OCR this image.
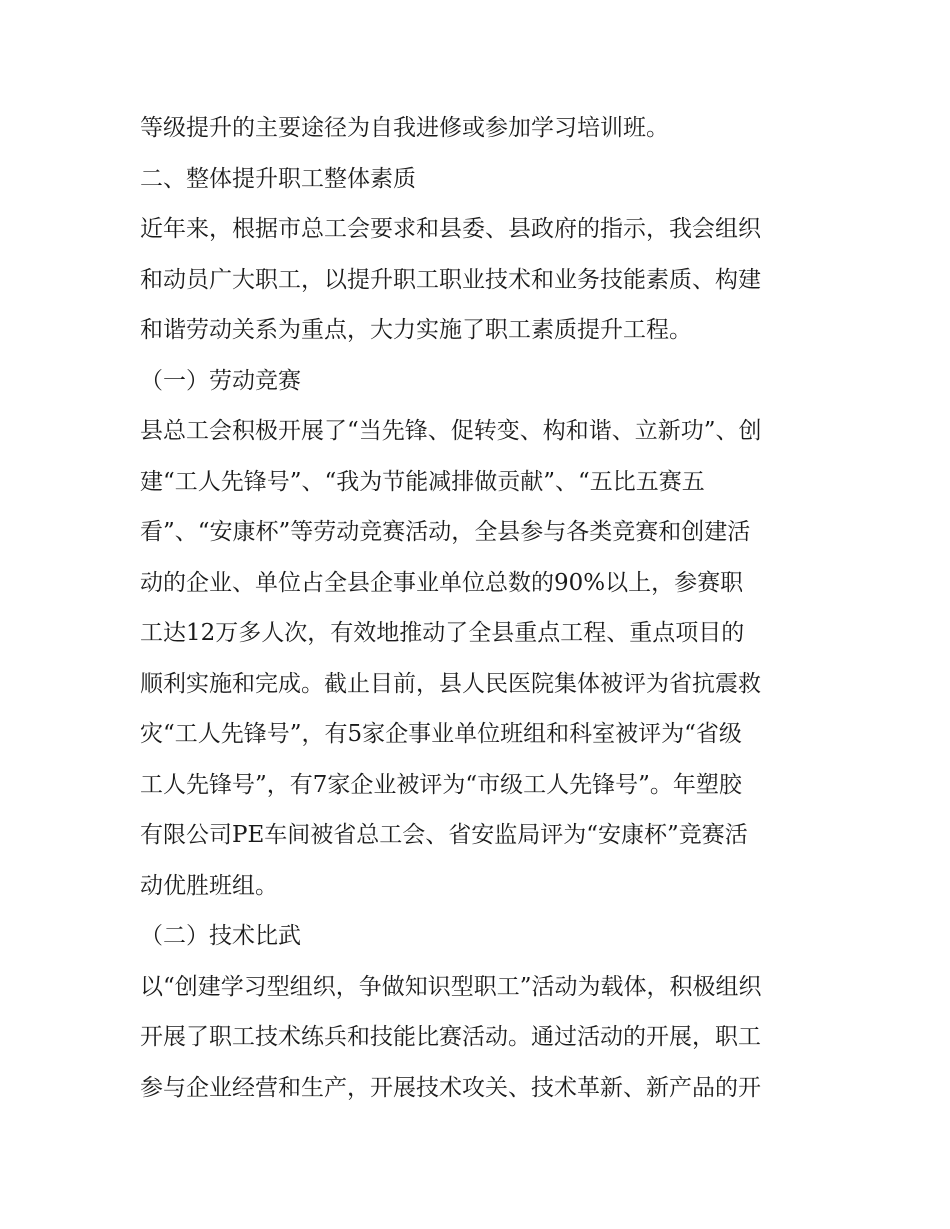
等级提升的主要途径为自我进修或参加学习培训班。
二、整体提升职工整体素质
近年来，根据市总工会要求和县委、县政府的指示，我会组织
和动员广大职工，以提升职工职业技术和业务技能素质、构建
和谐劳动关系为重点，大力实施了职工素质提升工程。
（一）劳动竞赛
县总工会积极开展了“当先锋、促转变、构和谐、立新功”、创
建“工人先锋号”、“我为节能减排做贡献”、“五比五赛五
看”、“安康杯”等劳动竞赛活动，全县参与各类竞赛和创建活
动的企业、单位占全县企事业单位总数的90%以上，参赛职
工达12万多人次，有效地推动了全县重点工程、重点项目的
顺利实施和完成。截止目前，县人民医院集体被评为省抗震救
灾“工人先锋号”，有5家企事业单位班组和科室被评为“省级
工人先锋号”，有7家企业被评为“市级工人先锋号”。年塑胶
有限公司PE车间被省总工会、省安监局评为“安康杯”竞赛活
动优胜班组。
（二）技术比武
以“创建学习型组织，争做知识型职工”活动为载体，积极组织
开展了职工技术练兵和技能比赛活动。通过活动的开展，职工
参与企业经营和生产，开展技术攻关、技术革新、新产品的开
